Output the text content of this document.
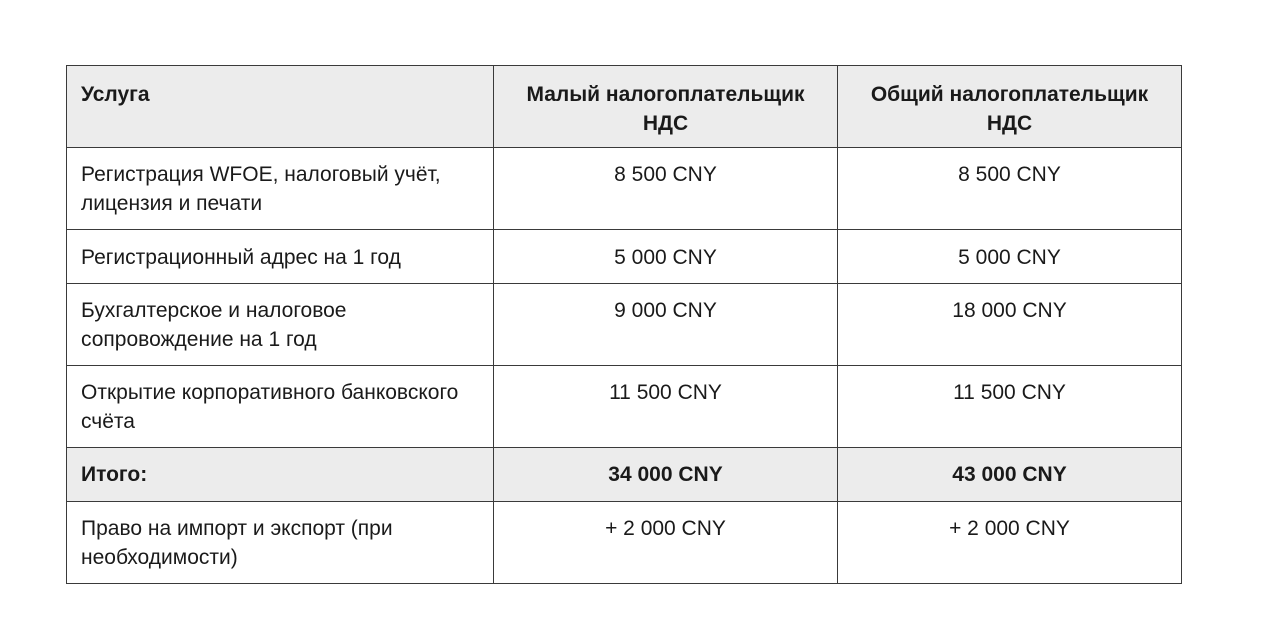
Услуга	Малый налогоплательщик НДС	Общий налогоплательщик НДС

Регистрация WFOE, налоговый учёт, лицензия и печати	8 500 CNY	8 500 CNY

Регистрационный адрес на 1 год	5 000 CNY	5 000 CNY

Бухгалтерское и налоговое сопровождение на 1 год	9 000 CNY	18 000 CNY

Открытие корпоративного банковского счёта	11 500 CNY	11 500 CNY

Итого:	34 000 CNY	43 000 CNY

Право на импорт и экспорт (при необходимости)	+ 2 000 CNY	+ 2 000 CNY
